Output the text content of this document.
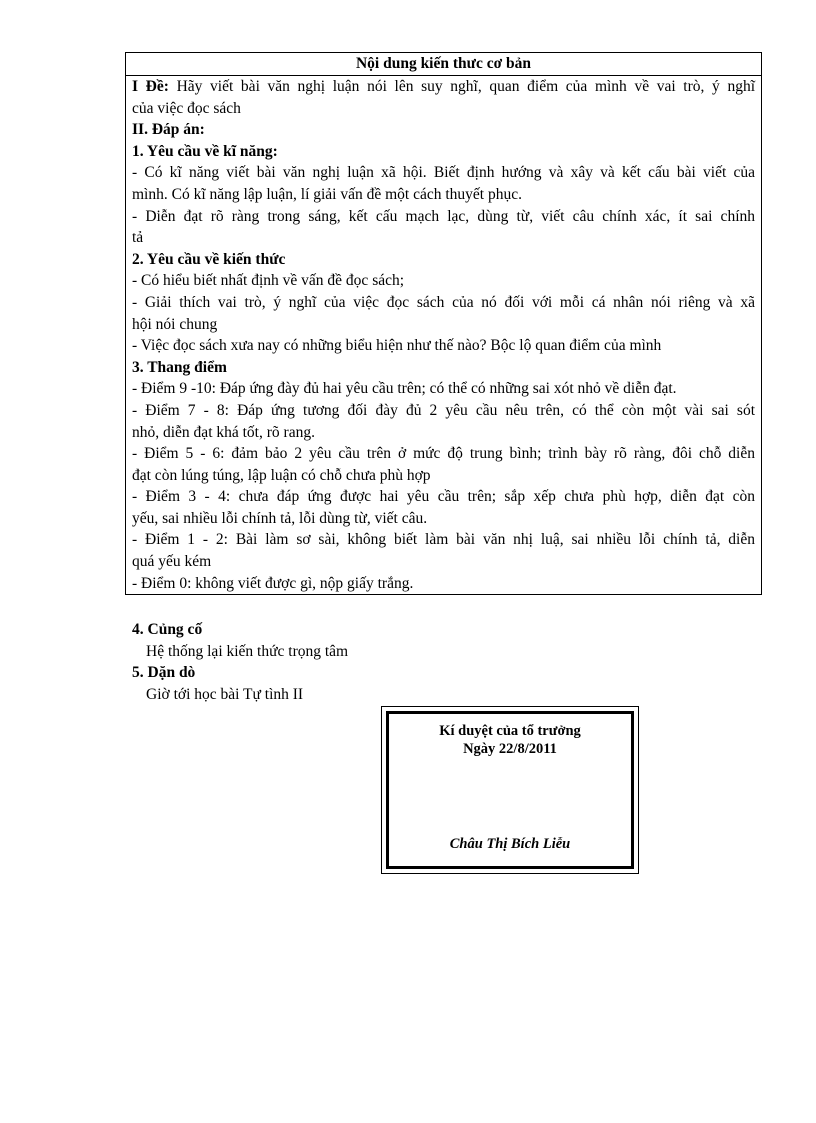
Nội dung kiến thưc cơ bản

I Đề: Hãy viết bài văn nghị luận nói lên suy nghĩ, quan điểm của mình về vai trò, ý nghĩ

của việc đọc sách

II. Đáp án:

1. Yêu cầu về kĩ năng:

- Có kĩ năng viết bài văn nghị luận xã hội. Biết định hướng và xây và kết cấu bài viết của

mình. Có kĩ năng lập luận, lí giải vấn đề một cách thuyết phục.

- Diễn đạt rõ ràng trong sáng, kết cấu mạch lạc, dùng từ, viết câu chính xác, ít sai chính

tả

2. Yêu cầu về kiến thức

- Có hiểu biết nhất định về vấn đề đọc sách;

- Giải thích vai trò, ý nghĩ của việc đọc sách của nó đối với mỗi cá nhân nói riêng và xã

hội nói chung

- Việc đọc sách xưa nay có những biểu hiện như thế nào? Bộc lộ quan điểm của mình

3. Thang điểm

- Điểm 9 -10: Đáp ứng đày đủ hai yêu cầu trên; có thể có những sai xót nhỏ về diễn đạt.

- Điểm 7 - 8: Đáp ứng tương đối đày đủ 2 yêu cầu nêu trên, có thể còn một vài sai sót

nhỏ, diễn đạt khá tốt, rõ rang.

- Điểm 5 - 6: đảm bảo 2 yêu cầu trên ở mức độ trung bình; trình bày rõ ràng, đôi chỗ diễn

đạt còn lúng túng, lập luận có chỗ chưa phù hợp

- Điểm 3 - 4: chưa đáp ứng được hai yêu cầu trên; sắp xếp chưa phù hợp, diễn đạt còn

yếu, sai nhiều lỗi chính tả, lỗi dùng từ, viết câu.

- Điểm 1 - 2: Bài làm sơ sài, không biết làm bài văn nhị luậ, sai nhiều lỗi chính tả, diễn

quá yếu kém

- Điểm 0: không viết được gì, nộp giấy trắng.

4. Củng cố

Hệ thống lại kiến thức trọng tâm

5. Dặn dò

Giờ tới học bài Tự tình II

Kí duyệt của tổ trưởng
Ngày 22/8/2011
Châu Thị Bích Liễu
